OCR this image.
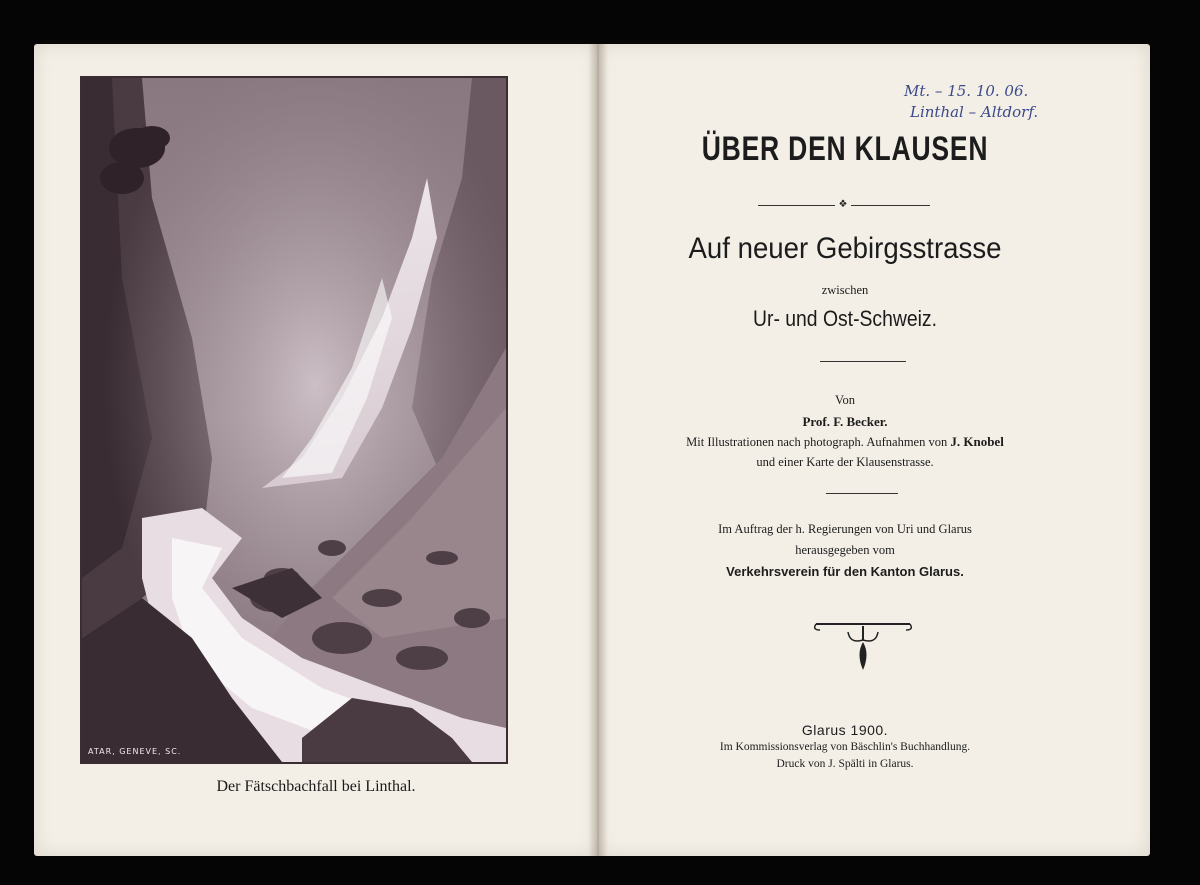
ATAR, GENEVE, SC.
Der Fätschbachfall bei Linthal.
Mt. – 15. 10. 06.
Linthal – Altdorf.
ÜBER DEN KLAUSEN
❖
Auf neuer Gebirgsstrasse
zwischen
Ur- und Ost-Schweiz.
Von
Prof. F. Becker.
Mit Illustrationen nach photograph. Aufnahmen von J. Knobel
und einer Karte der Klausenstrasse.
Im Auftrag der h. Regierungen von Uri und Glarus
herausgegeben vom
Verkehrsverein für den Kanton Glarus.
Glarus 1900.
Im Kommissionsverlag von Bäschlin's Buchhandlung.
Druck von J. Spälti in Glarus.
